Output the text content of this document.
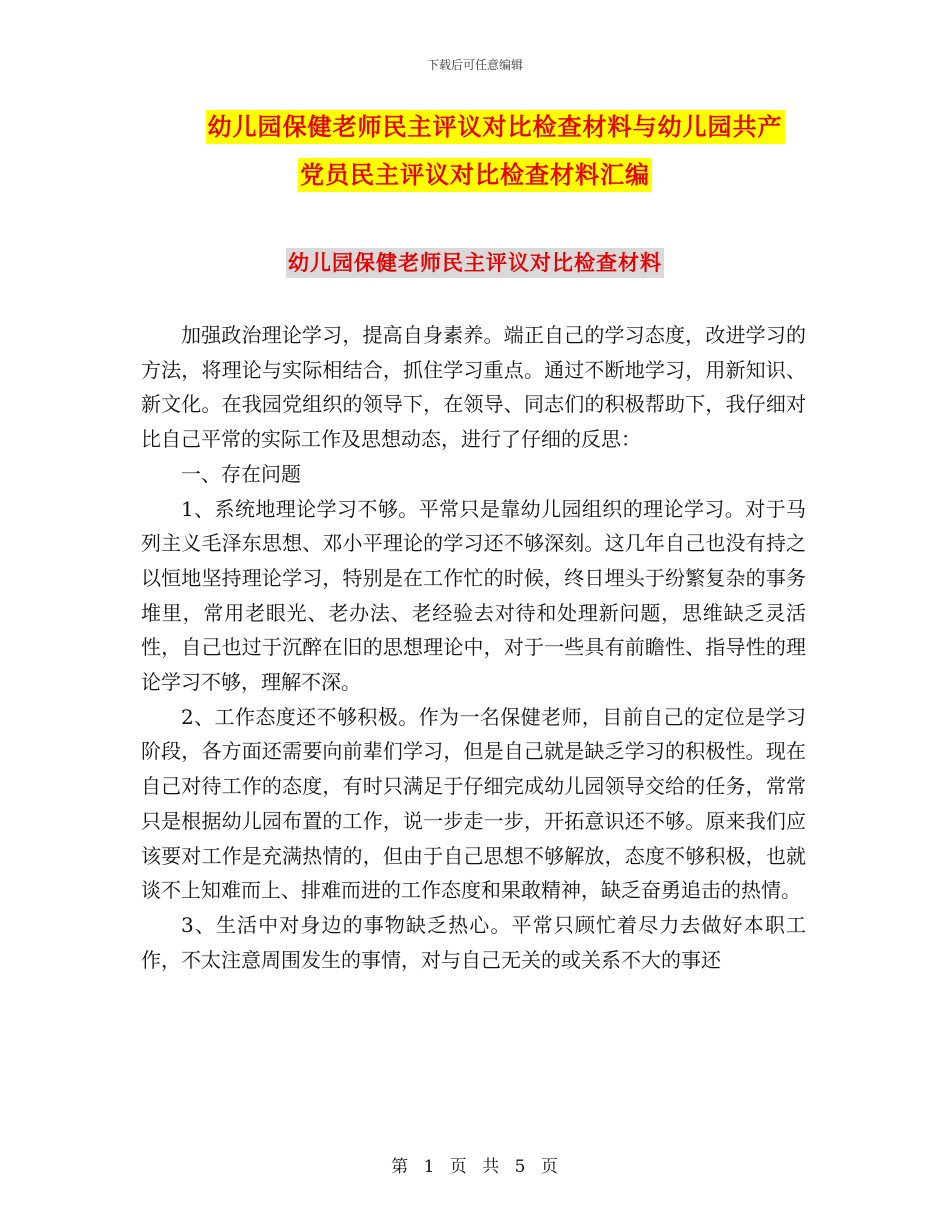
下载后可任意编辑
幼儿园保健老师民主评议对比检查材料与幼儿园共产
党员民主评议对比检查材料汇编
幼儿园保健老师民主评议对比检查材料

加强政治理论学习，提高自身素养。端正自己的学习态度，改进学习的方法，将理论与实际相结合，抓住学习重点。通过不断地学习，用新知识、新文化。在我园党组织的领导下，在领导、同志们的积极帮助下，我仔细对比自己平常的实际工作及思想动态，进行了仔细的反思：

一、存在问题

1、系统地理论学习不够。平常只是靠幼儿园组织的理论学习。对于马列主义毛泽东思想、邓小平理论的学习还不够深刻。这几年自己也没有持之以恒地坚持理论学习，特别是在工作忙的时候，终日埋头于纷繁复杂的事务堆里，常用老眼光、老办法、老经验去对待和处理新问题，思维缺乏灵活性，自己也过于沉醉在旧的思想理论中，对于一些具有前瞻性、指导性的理论学习不够，理解不深。

2、工作态度还不够积极。作为一名保健老师，目前自己的定位是学习阶段，各方面还需要向前辈们学习，但是自己就是缺乏学习的积极性。现在自己对待工作的态度，有时只满足于仔细完成幼儿园领导交给的任务，常常只是根据幼儿园布置的工作，说一步走一步，开拓意识还不够。原来我们应该要对工作是充满热情的，但由于自己思想不够解放，态度不够积极，也就谈不上知难而上、排难而进的工作态度和果敢精神，缺乏奋勇追击的热情。

3、生活中对身边的事物缺乏热心。平常只顾忙着尽力去做好本职工作，不太注意周围发生的事情，对与自己无关的或关系不大的事还

第 1 页 共 5 页
